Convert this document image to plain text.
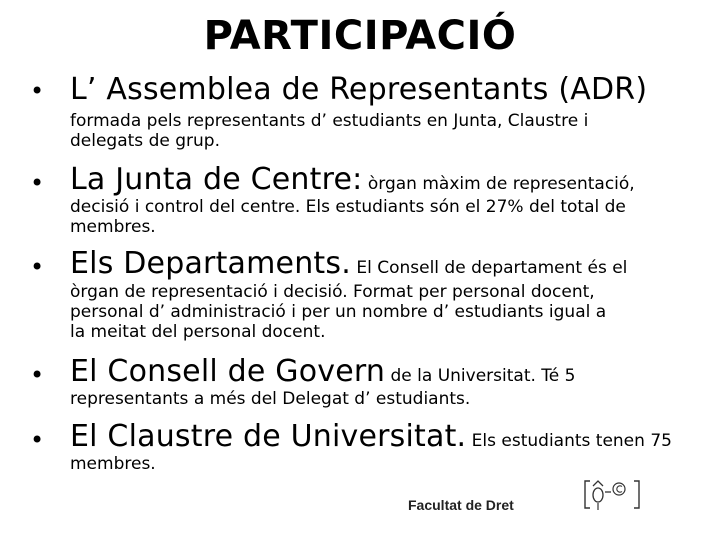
PARTICIPACIÓ
• L’ Assemblea de Representants (ADR)
formada pels representants d’ estudiants en Junta, Claustre i
delegats de grup.
• La Junta de Centre: òrgan màxim de representació,
decisió i control del centre. Els estudiants són el 27% del total de
membres.
• Els Departaments. El Consell de departament és el
òrgan de representació i decisió. Format per personal docent,
personal d’ administració i per un nombre d’ estudiants igual a
la meitat del personal docent.
• El Consell de Govern de la Universitat. Té 5
representants a més del Delegat d’ estudiants.
• El Claustre de Universitat. Els estudiants tenen 75
membres.
Facultat de Dret
